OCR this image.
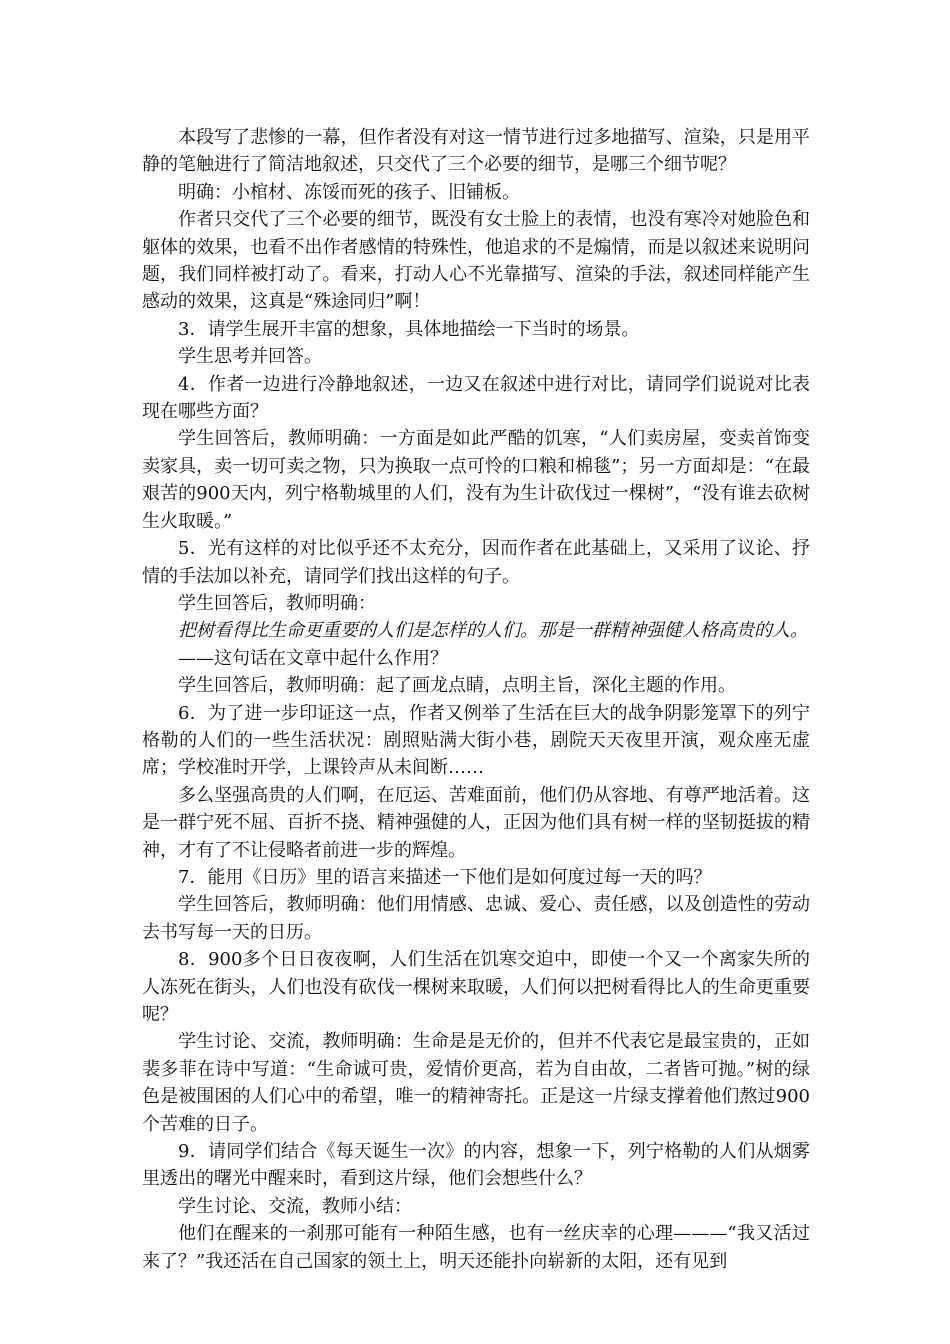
本段写了悲惨的一幕，但作者没有对这一情节进行过多地描写、渲染，只是用平静的笔触进行了简洁地叙述，只交代了三个必要的细节，是哪三个细节呢？

明确：小棺材、冻馁而死的孩子、旧铺板。

作者只交代了三个必要的细节，既没有女士脸上的表情，也没有寒冷对她脸色和躯体的效果，也看不出作者感情的特殊性，他追求的不是煽情，而是以叙述来说明问题，我们同样被打动了。看来，打动人心不光靠描写、渲染的手法，叙述同样能产生感动的效果，这真是“殊途同归”啊！

3．请学生展开丰富的想象，具体地描绘一下当时的场景。

学生思考并回答。

4．作者一边进行冷静地叙述，一边又在叙述中进行对比，请同学们说说对比表现在哪些方面？

学生回答后，教师明确：一方面是如此严酷的饥寒，“人们卖房屋，变卖首饰变卖家具，卖一切可卖之物，只为换取一点可怜的口粮和棉毯”；另一方面却是：“在最艰苦的900天内，列宁格勒城里的人们，没有为生计砍伐过一棵树”，“没有谁去砍树生火取暖。”

5．光有这样的对比似乎还不太充分，因而作者在此基础上，又采用了议论、抒情的手法加以补充，请同学们找出这样的句子。

学生回答后，教师明确：

把树看得比生命更重要的人们是怎样的人们。那是一群精神强健人格高贵的人。

——这句话在文章中起什么作用？

学生回答后，教师明确：起了画龙点睛，点明主旨，深化主题的作用。

6．为了进一步印证这一点，作者又例举了生活在巨大的战争阴影笼罩下的列宁格勒的人们的一些生活状况：剧照贴满大街小巷，剧院天天夜里开演，观众座无虚席；学校准时开学，上课铃声从未间断……

多么坚强高贵的人们啊，在厄运、苦难面前，他们仍从容地、有尊严地活着。这是一群宁死不屈、百折不挠、精神强健的人，正因为他们具有树一样的坚韧挺拔的精神，才有了不让侵略者前进一步的辉煌。

7．能用《日历》里的语言来描述一下他们是如何度过每一天的吗？

学生回答后，教师明确：他们用情感、忠诚、爱心、责任感，以及创造性的劳动去书写每一天的日历。

8．900多个日日夜夜啊，人们生活在饥寒交迫中，即使一个又一个离家失所的人冻死在街头，人们也没有砍伐一棵树来取暖，人们何以把树看得比人的生命更重要呢？

学生讨论、交流，教师明确：生命是是无价的，但并不代表它是最宝贵的，正如裴多菲在诗中写道：“生命诚可贵，爱情价更高，若为自由故，二者皆可抛。”树的绿色是被围困的人们心中的希望，唯一的精神寄托。正是这一片绿支撑着他们熬过900个苦难的日子。

9．请同学们结合《每天诞生一次》的内容，想象一下，列宁格勒的人们从烟雾里透出的曙光中醒来时，看到这片绿，他们会想些什么？

学生讨论、交流，教师小结：

他们在醒来的一刹那可能有一种陌生感，也有一丝庆幸的心理———“我又活过来了？”我还活在自己国家的领土上，明天还能扑向崭新的太阳，还有见到
